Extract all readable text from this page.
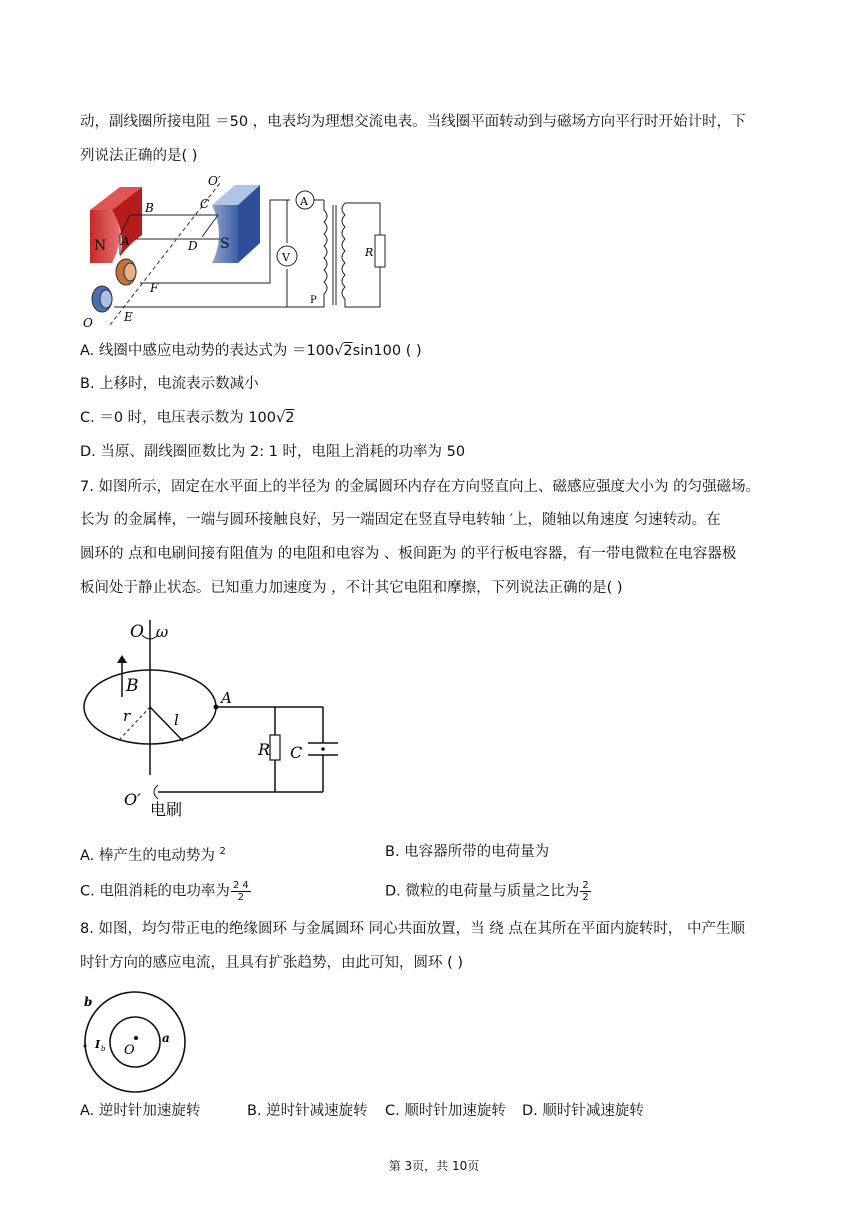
动，副线圈所接电阻 ＝50 ，电表均为理想交流电表。当线圈平面转动到与磁场方向平行时开始计时，下
列说法正确的是( )
N	S
O′
B	C
A	D
F
E
O
A
V
P
R
A. 线圈中感应电动势的表达式为 ＝100√2sin100 ( )
B. 上移时，电流表示数减小
C. ＝0 时，电压表示数为 100√2
D. 当原、副线圈匝数比为 2: 1 时，电阻上消耗的功率为 50
7. 如图所示，固定在水平面上的半径为 的金属圆环内存在方向竖直向上、磁感应强度大小为 的匀强磁场。
长为 的金属棒，一端与圆环接触良好，另一端固定在竖直导电转轴 ′上，随轴以角速度 匀速转动。在
圆环的 点和电刷间接有阻值为 的电阻和电容为 、板间距为 的平行板电容器，有一带电微粒在电容器极
板间处于静止状态。已知重力加速度为 ，不计其它电阻和摩擦，下列说法正确的是( )
O ω
B
A
r	l
R C
O′
电刷
A. 棒产生的电动势为 $^2$	B. 电容器所带的电荷量为
C. 电阻消耗的电功率为 $\frac{2 4}{2}$	D. 微粒的电荷量与质量之比为 $\frac{2}{2}$
8. 如图，均匀带正电的绝缘圆环 与金属圆环 同心共面放置，当 绕 点在其所在平面内旋转时， 中产生顺
时针方向的感应电流，且具有扩张趋势，由此可知，圆环 ( )
b
a
O
I b
A. 逆时针加速旋转	B. 逆时针减速旋转 C. 顺时针加速旋转 D. 顺时针减速旋转
第 3页，共 10页
